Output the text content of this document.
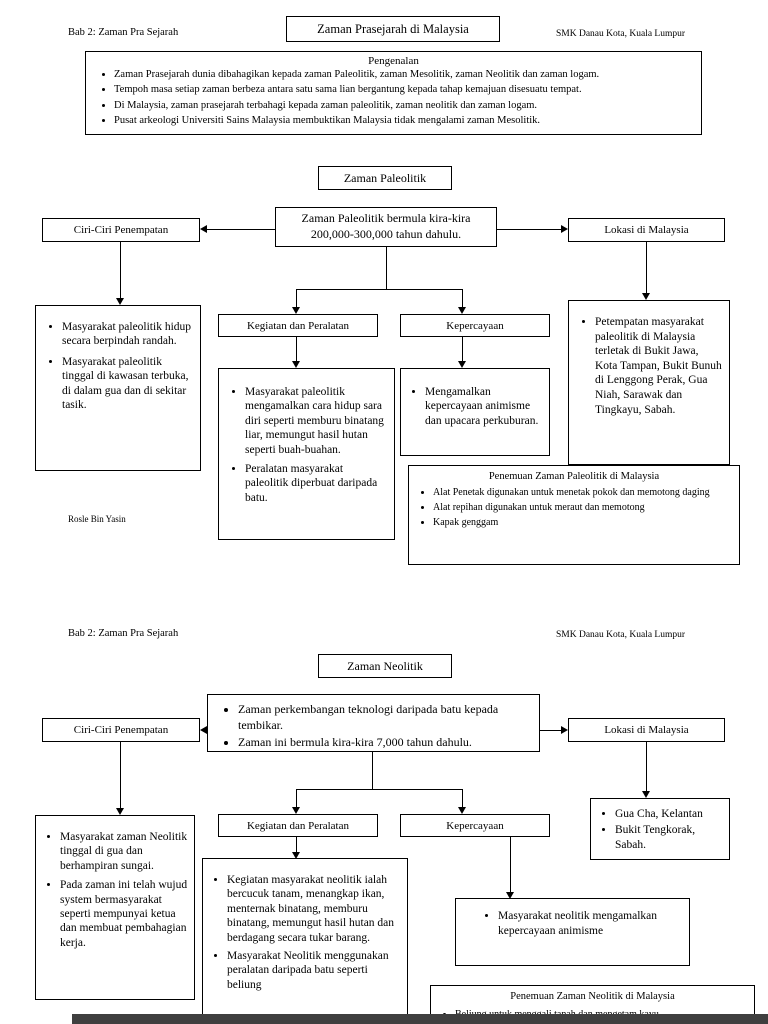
Bab 2: Zaman Pra Sejarah	Zaman Prasejarah di Malaysia	SMK Danau Kota, Kuala Lumpur
Pengenalan
• Zaman Prasejarah dunia dibahagikan kepada zaman Paleolitik, zaman Mesolitik, zaman Neolitik dan zaman logam.
• Tempoh masa setiap zaman berbeza antara satu sama lian bergantung kepada tahap kemajuan disesuatu tempat.
• Di Malaysia, zaman prasejarah terbahagi kepada zaman paleolitik, zaman neolitik dan zaman logam.
• Pusat arkeologi Universiti Sains Malaysia membuktikan Malaysia tidak mengalami zaman Mesolitik.
Zaman Paleolitik
Zaman Paleolitik bermula kira-kira 200,000-300,000 tahun dahulu.
Ciri-Ciri Penempatan	Lokasi di Malaysia
• Masyarakat paleolitik hidup secara berpindah randah.
• Masyarakat paleolitik tinggal di kawasan terbuka, di dalam gua dan di sekitar tasik.
Kegiatan dan Peralatan	Kepercayaan
• Masyarakat paleolitik mengamalkan cara hidup sara diri seperti memburu binatang liar, memungut hasil hutan seperti buah-buahan.
• Peralatan masyarakat paleolitik diperbuat daripada batu.
• Mengamalkan kepercayaan animisme dan upacara perkuburan.
• Petempatan masyarakat paleolitik di Malaysia terletak di Bukit Jawa, Kota Tampan, Bukit Bunuh di Lenggong Perak, Gua Niah, Sarawak dan Tingkayu, Sabah.
Penemuan Zaman Paleolitik di Malaysia
• Alat Penetak digunakan untuk menetak pokok dan memotong daging
• Alat repihan digunakan untuk meraut dan memotong
• Kapak genggam
Rosle Bin Yasin
Bab 2: Zaman Pra Sejarah	SMK Danau Kota, Kuala Lumpur
Zaman Neolitik
• Zaman perkembangan teknologi daripada batu kepada tembikar.
• Zaman ini bermula kira-kira 7,000 tahun dahulu.
Ciri-Ciri Penempatan	Lokasi di Malaysia
• Gua Cha, Kelantan
• Bukit Tengkorak, Sabah.
Kegiatan dan Peralatan	Kepercayaan
• Masyarakat zaman Neolitik tinggal di gua dan berhampiran sungai.
• Pada zaman ini telah wujud system bermasyarakat seperti mempunyai ketua dan membuat pembahagian kerja.
• Kegiatan masyarakat neolitik ialah bercucuk tanam, menangkap ikan, menternak binatang, memburu binatang, memungut hasil hutan dan berdagang secara tukar barang.
• Masyarakat Neolitik menggunakan peralatan daripada batu seperti beliung
• Masyarakat neolitik mengamalkan kepercayaan animisme
Penemuan Zaman Neolitik di Malaysia
•
